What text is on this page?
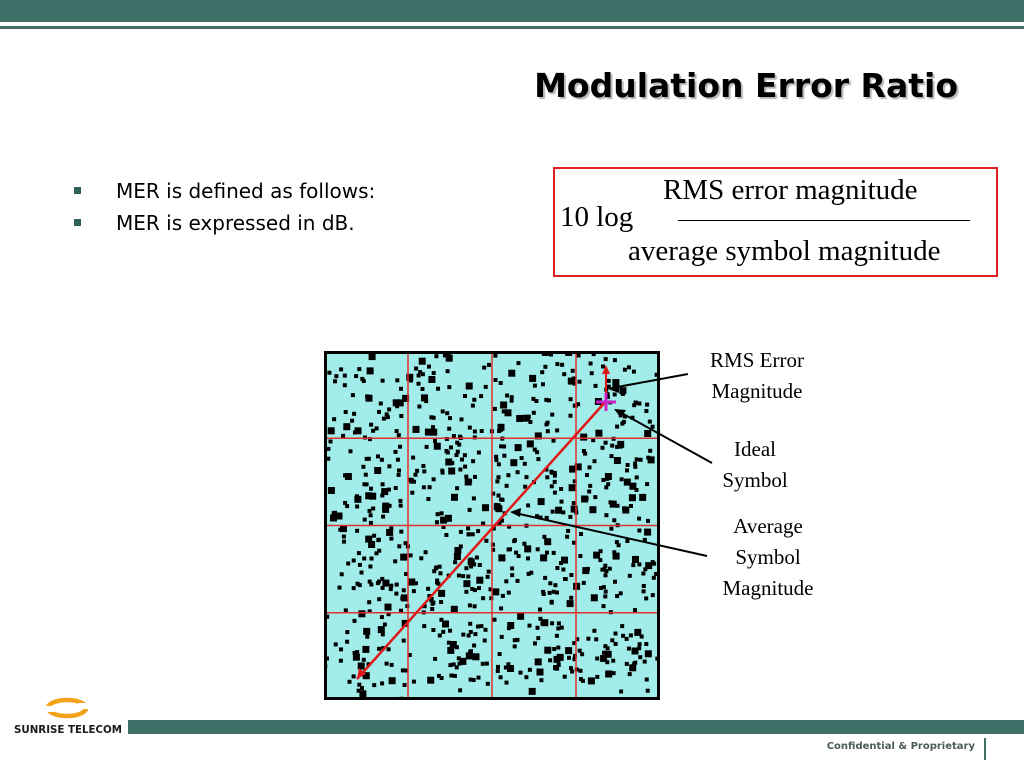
Modulation Error Ratio
MER is defined as follows:
MER is expressed in dB.
RMS error magnitude
10 log
average symbol magnitude
RMS Error
Magnitude
Ideal
Symbol
Average
Symbol
Magnitude
SUNRISE TELECOM
Confidential & Proprietary
